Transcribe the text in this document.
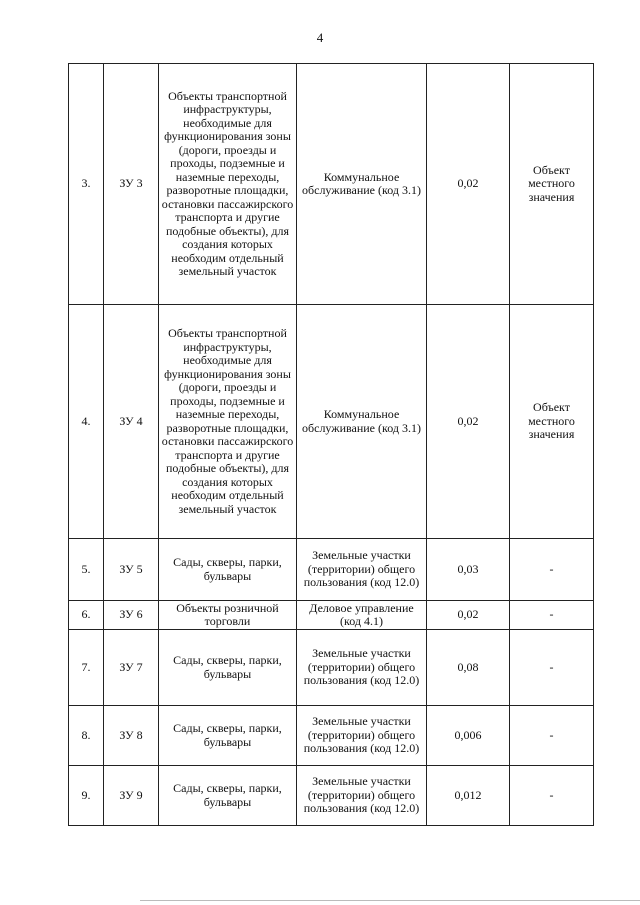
4
3.	ЗУ 3	Объекты транспортной инфраструктуры, необходимые для функционирования зоны (дороги, проезды и проходы, подземные и наземные переходы, разворотные площадки, остановки пассажирского транспорта и другие подобные объекты), для создания которых необходим отдельный земельный участок	Коммунальное обслуживание (код 3.1)	0,02	Объект местного значения
4.	ЗУ 4	Объекты транспортной инфраструктуры, необходимые для функционирования зоны (дороги, проезды и проходы, подземные и наземные переходы, разворотные площадки, остановки пассажирского транспорта и другие подобные объекты), для создания которых необходим отдельный земельный участок	Коммунальное обслуживание (код 3.1)	0,02	Объект местного значения
5.	ЗУ 5	Сады, скверы, парки, бульвары	Земельные участки (территории) общего пользования (код 12.0)	0,03	-
6.	ЗУ 6	Объекты розничной торговли	Деловое управление (код 4.1)	0,02	-
7.	ЗУ 7	Сады, скверы, парки, бульвары	Земельные участки (территории) общего пользования (код 12.0)	0,08	-
8.	ЗУ 8	Сады, скверы, парки, бульвары	Земельные участки (территории) общего пользования (код 12.0)	0,006	-
9.	ЗУ 9	Сады, скверы, парки, бульвары	Земельные участки (территории) общего пользования (код 12.0)	0,012	-
